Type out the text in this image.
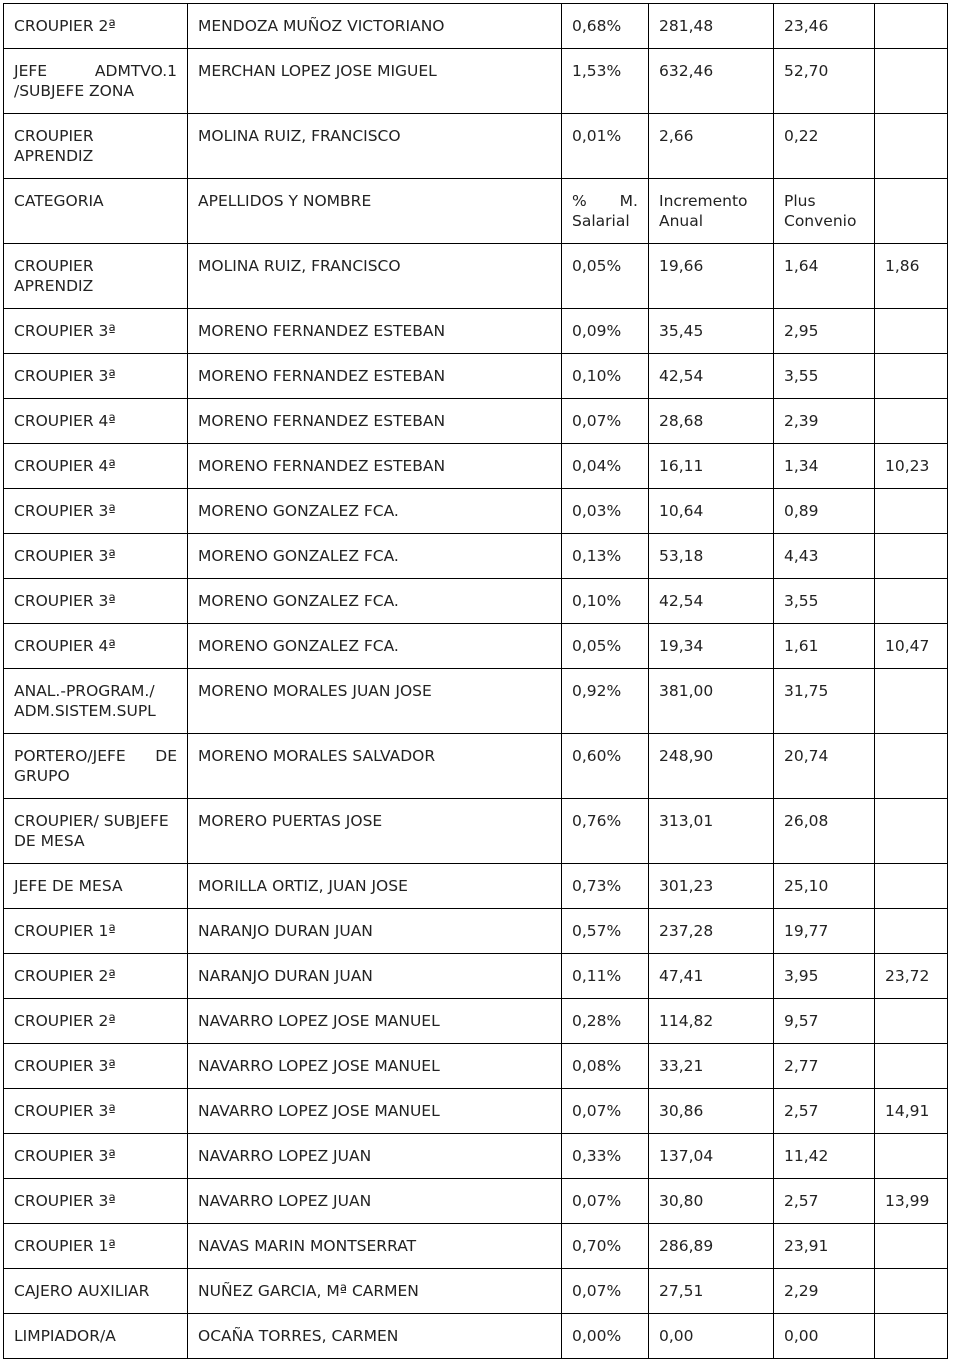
CROUPIER 2ª	MENDOZA MUÑOZ VICTORIANO	0,68%	281,48	23,46	
JEFE ADMTVO.1 /SUBJEFE ZONA	MERCHAN LOPEZ JOSE MIGUEL	1,53%	632,46	52,70	
CROUPIER APRENDIZ	MOLINA RUIZ, FRANCISCO	0,01%	2,66	0,22	
CATEGORIA	APELLIDOS Y NOMBRE	% M. Salarial	Incremento Anual	Plus Convenio	
CROUPIER APRENDIZ	MOLINA RUIZ, FRANCISCO	0,05%	19,66	1,64	1,86
CROUPIER 3ª	MORENO FERNANDEZ ESTEBAN	0,09%	35,45	2,95	
CROUPIER 3ª	MORENO FERNANDEZ ESTEBAN	0,10%	42,54	3,55	
CROUPIER 4ª	MORENO FERNANDEZ ESTEBAN	0,07%	28,68	2,39	
CROUPIER 4ª	MORENO FERNANDEZ ESTEBAN	0,04%	16,11	1,34	10,23
CROUPIER 3ª	MORENO GONZALEZ FCA.	0,03%	10,64	0,89	
CROUPIER 3ª	MORENO GONZALEZ FCA.	0,13%	53,18	4,43	
CROUPIER 3ª	MORENO GONZALEZ FCA.	0,10%	42,54	3,55	
CROUPIER 4ª	MORENO GONZALEZ FCA.	0,05%	19,34	1,61	10,47
ANAL.-PROGRAM./ ADM.SISTEM.SUPL	MORENO MORALES JUAN JOSE	0,92%	381,00	31,75	
PORTERO/JEFE DE GRUPO	MORENO MORALES SALVADOR	0,60%	248,90	20,74	
CROUPIER/ SUBJEFE DE MESA	MORERO PUERTAS JOSE	0,76%	313,01	26,08	
JEFE DE MESA	MORILLA ORTIZ, JUAN JOSE	0,73%	301,23	25,10	
CROUPIER 1ª	NARANJO DURAN JUAN	0,57%	237,28	19,77	
CROUPIER 2ª	NARANJO DURAN JUAN	0,11%	47,41	3,95	23,72
CROUPIER 2ª	NAVARRO LOPEZ JOSE MANUEL	0,28%	114,82	9,57	
CROUPIER 3ª	NAVARRO LOPEZ JOSE MANUEL	0,08%	33,21	2,77	
CROUPIER 3ª	NAVARRO LOPEZ JOSE MANUEL	0,07%	30,86	2,57	14,91
CROUPIER 3ª	NAVARRO LOPEZ JUAN	0,33%	137,04	11,42	
CROUPIER 3ª	NAVARRO LOPEZ JUAN	0,07%	30,80	2,57	13,99
CROUPIER 1ª	NAVAS MARIN MONTSERRAT	0,70%	286,89	23,91	
CAJERO AUXILIAR	NUÑEZ GARCIA, Mª CARMEN	0,07%	27,51	2,29	
LIMPIADOR/A	OCAÑA TORRES, CARMEN	0,00%	0,00	0,00	
